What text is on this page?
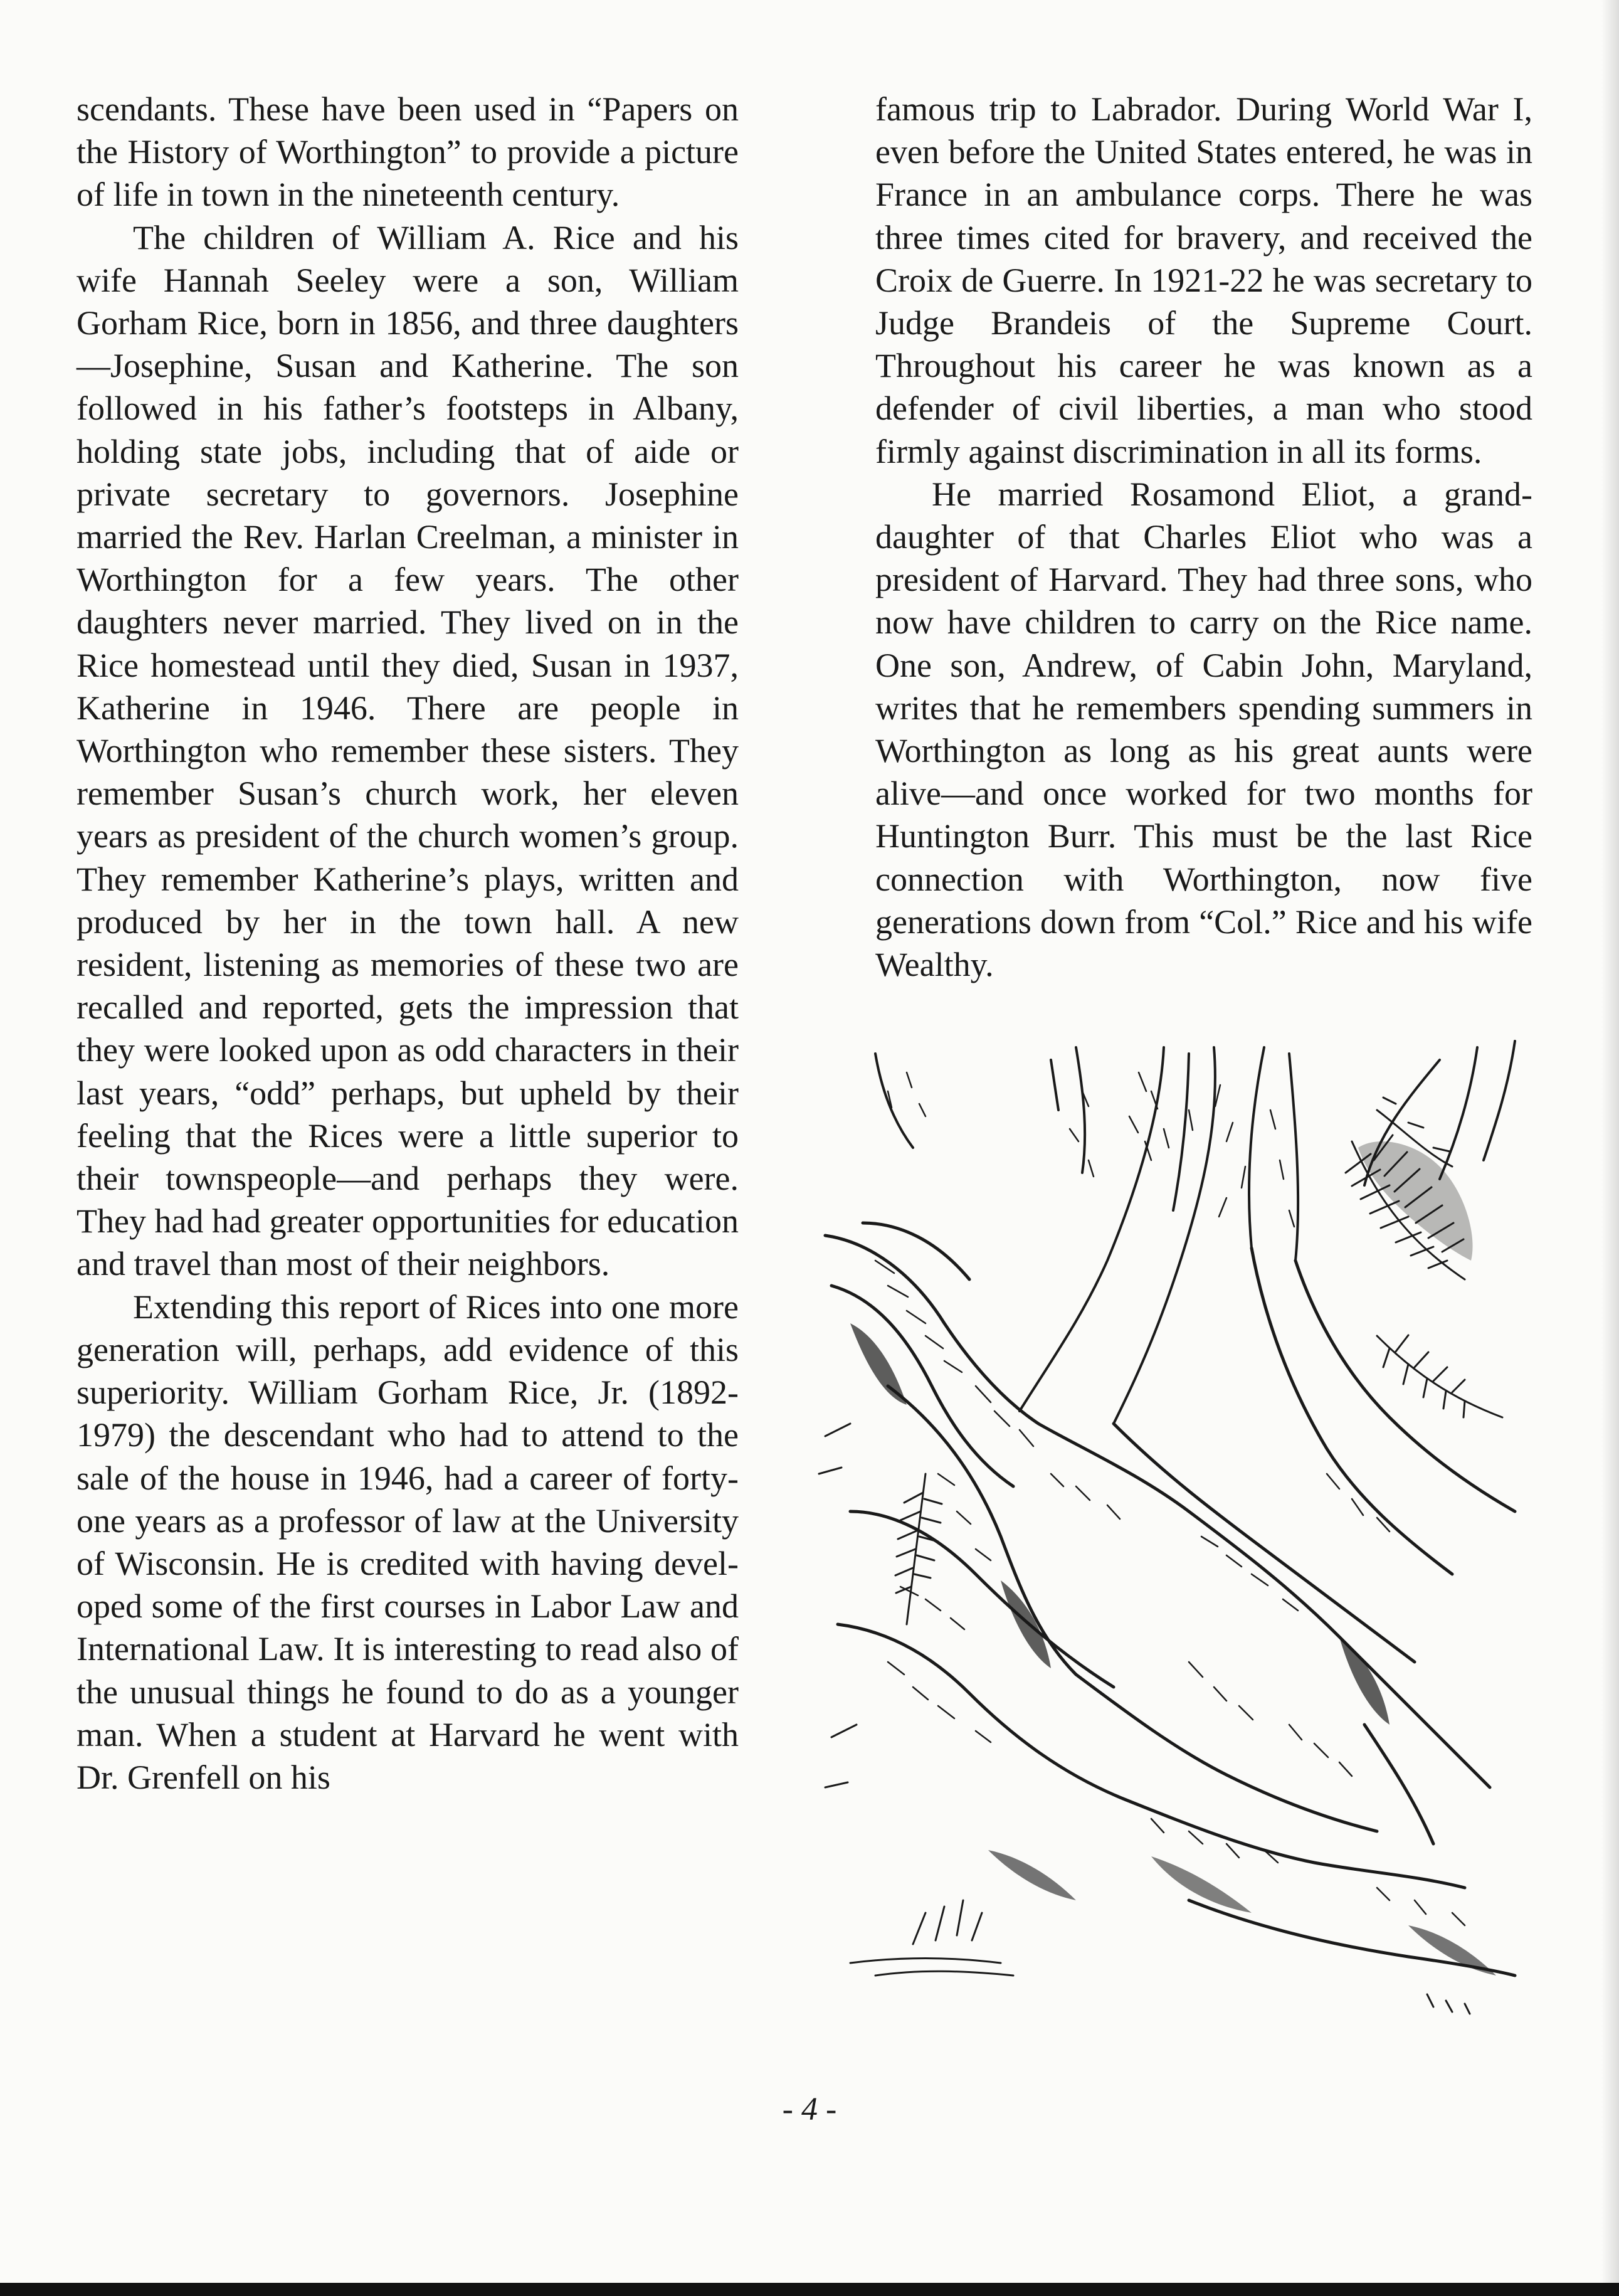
scendants. These have been used in “Papers on the History of Worthington” to provide a picture of life in town in the nineteenth century.

The children of William A. Rice and his wife Hannah Seeley were a son, William Gorham Rice, born in 1856, and three daughters—Josephine, Susan and Katherine. The son followed in his father’s footsteps in Albany, holding state jobs, including that of aide or private secretary to governors. Josephine married the Rev. Harlan Creelman, a minister in Worthington for a few years. The other daughters never married. They lived on in the Rice homestead until they died, Susan in 1937, Katherine in 1946. There are people in Worthington who remember these sisters. They remember Susan’s church work, her eleven years as president of the church women’s group. They remember Katherine’s plays, written and produced by her in the town hall. A new resident, listening as memories of these two are recalled and reported, gets the impression that they were looked upon as odd characters in their last years, “odd” perhaps, but upheld by their feeling that the Rices were a little superior to their townspeople—and perhaps they were. They had had greater opportunities for education and travel than most of their neighbors.

Extending this report of Rices into one more generation will, perhaps, add evidence of this superiority. William Gorham Rice, Jr. (1892-1979) the descendant who had to attend to the sale of the house in 1946, had a career of forty-one years as a professor of law at the University of Wisconsin. He is credited with having developed some of the first courses in Labor Law and International Law. It is interesting to read also of the unusual things he found to do as a younger man. When a student at Harvard he went with Dr. Grenfell on his

famous trip to Labrador. During World War I, even before the United States entered, he was in France in an ambulance corps. There he was three times cited for bravery, and received the Croix de Guerre. In 1921-22 he was secretary to Judge Brandeis of the Supreme Court. Throughout his career he was known as a defender of civil liberties, a man who stood firmly against discrimination in all its forms.

He married Rosamond Eliot, a granddaughter of that Charles Eliot who was a president of Harvard. They had three sons, who now have children to carry on the Rice name. One son, Andrew, of Cabin John, Maryland, writes that he remembers spending summers in Worthington as long as his great aunts were alive—and once worked for two months for Huntington Burr. This must be the last Rice connection with Worthington, now five generations down from “Col.” Rice and his wife Wealthy.

- 4 -
